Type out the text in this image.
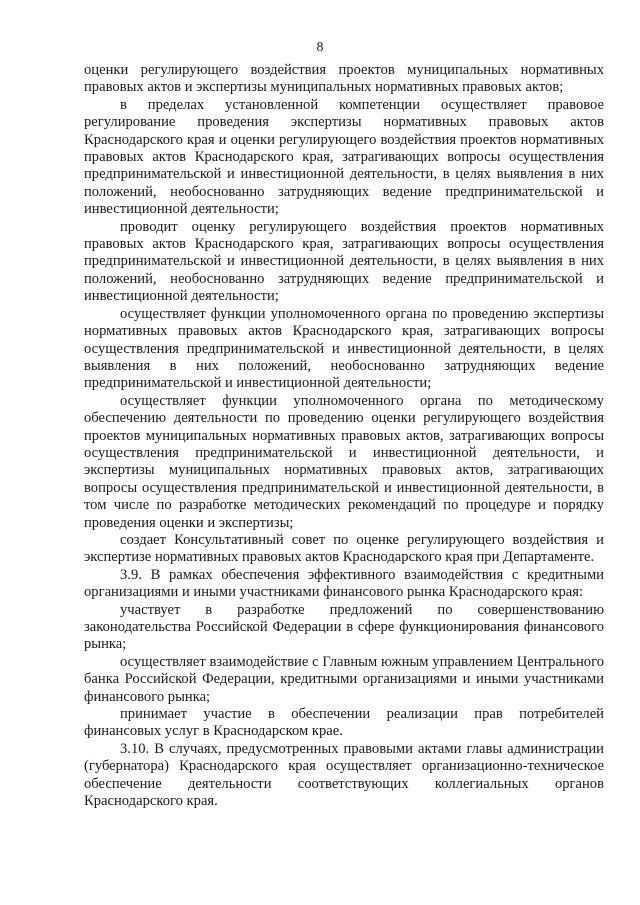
8

оценки регулирующего воздействия проектов муниципальных нормативных правовых актов и экспертизы муниципальных нормативных правовых актов;

в пределах установленной компетенции осуществляет правовое регулирование проведения экспертизы нормативных правовых актов Краснодарского края и оценки регулирующего воздействия проектов нормативных правовых актов Краснодарского края, затрагивающих вопросы осуществления предпринимательской и инвестиционной деятельности, в целях выявления в них положений, необоснованно затрудняющих ведение предпринимательской и инвестиционной деятельности;

проводит оценку регулирующего воздействия проектов нормативных правовых актов Краснодарского края, затрагивающих вопросы осуществления предпринимательской и инвестиционной деятельности, в целях выявления в них положений, необоснованно затрудняющих ведение предпринимательской и инвестиционной деятельности;

осуществляет функции уполномоченного органа по проведению экспертизы нормативных правовых актов Краснодарского края, затрагивающих вопросы осуществления предпринимательской и инвестиционной деятельности, в целях выявления в них положений, необоснованно затрудняющих ведение предпринимательской и инвестиционной деятельности;

осуществляет функции уполномоченного органа по методическому обеспечению деятельности по проведению оценки регулирующего воздействия проектов муниципальных нормативных правовых актов, затрагивающих вопросы осуществления предпринимательской и инвестиционной деятельности, и экспертизы муниципальных нормативных правовых актов, затрагивающих вопросы осуществления предпринимательской и инвестиционной деятельности, в том числе по разработке методических рекомендаций по процедуре и порядку проведения оценки и экспертизы;

создает Консультативный совет по оценке регулирующего воздействия и экспертизе нормативных правовых актов Краснодарского края при Департаменте.

3.9. В рамках обеспечения эффективного взаимодействия с кредитными организациями и иными участниками финансового рынка Краснодарского края:

участвует в разработке предложений по совершенствованию законодательства Российской Федерации в сфере функционирования финансового рынка;

осуществляет взаимодействие с Главным южным управлением Центрального банка Российской Федерации, кредитными организациями и иными участниками финансового рынка;

принимает участие в обеспечении реализации прав потребителей финансовых услуг в Краснодарском крае.

3.10. В случаях, предусмотренных правовыми актами главы администрации (губернатора) Краснодарского края осуществляет организационно-техническое обеспечение деятельности соответствующих коллегиальных органов Краснодарского края.
